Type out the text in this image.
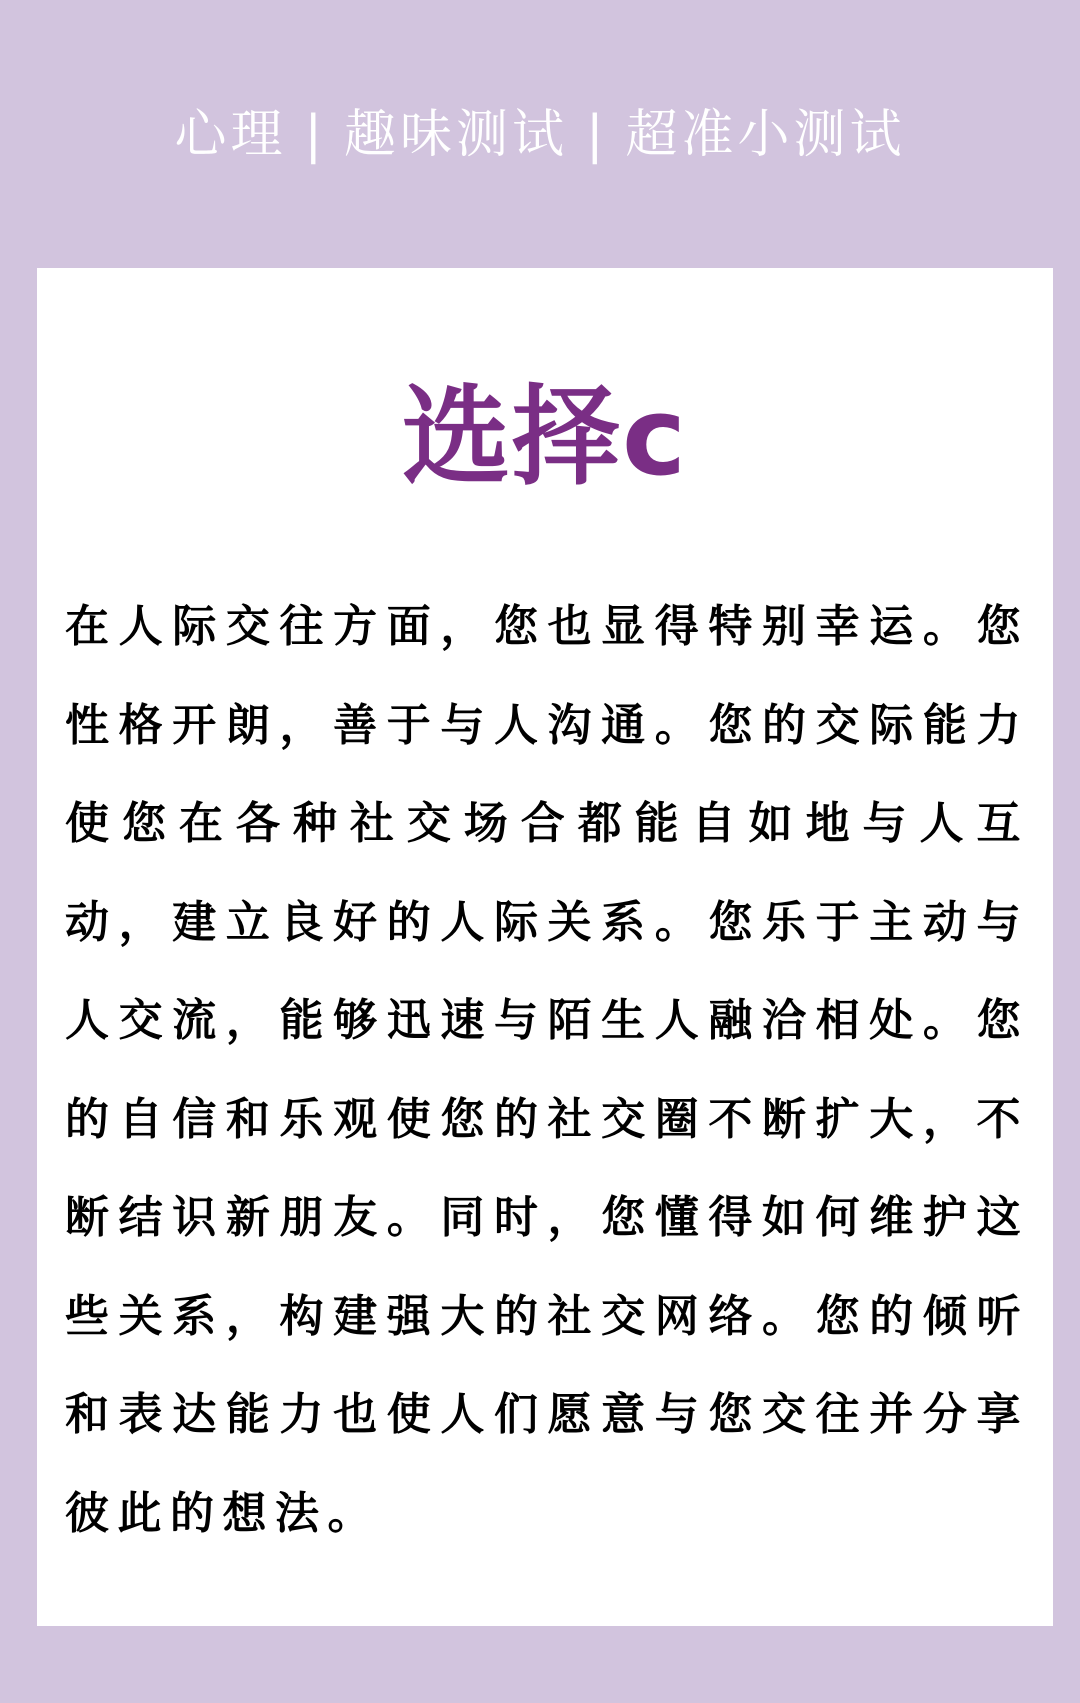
心理 | 趣味测试 | 超准小测试
选择c
在人际交往方面，您也显得特别幸运。您性格开朗，善于与人沟通。您的交际能力使您在各种社交场合都能自如地与人互动，建立良好的人际关系。您乐于主动与人交流，能够迅速与陌生人融洽相处。您的自信和乐观使您的社交圈不断扩大，不断结识新朋友。同时，您懂得如何维护这些关系，构建强大的社交网络。您的倾听和表达能力也使人们愿意与您交往并分享彼此的想法。
